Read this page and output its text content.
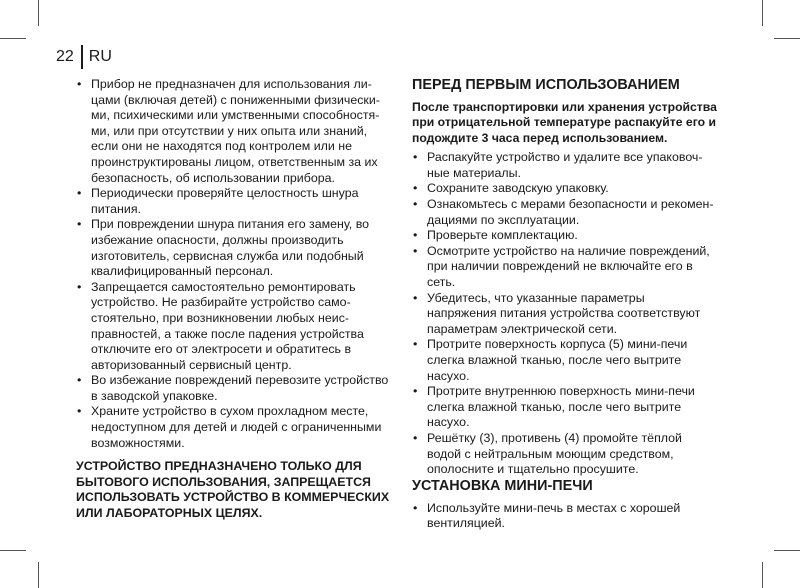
22 RU
• Прибор не предназначен для использования лицами (включая детей) с пониженными физическими, психическими или умственными способностями, или при отсутствии у них опыта или знаний, если они не находятся под контролем или не проинструктированы лицом, ответственным за их безопасность, об использовании прибора.
• Периодически проверяйте целостность шнура питания.
• При повреждении шнура питания его замену, во избежание опасности, должны производить изготовитель, сервисная служба или подобный квалифицированный персонал.
• Запрещается самостоятельно ремонтировать устройство. Не разбирайте устройство самостоятельно, при возникновении любых неисправностей, а также после падения устройства отключите его от электросети и обратитесь в авторизованный сервисный центр.
• Во избежание повреждений перевозите устройство в заводской упаковке.
• Храните устройство в сухом прохладном месте, недоступном для детей и людей с ограниченными возможностями.

УСТРОЙСТВО ПРЕДНАЗНАЧЕНО ТОЛЬКО ДЛЯ БЫТОВОГО ИСПОЛЬЗОВАНИЯ, ЗАПРЕЩАЕТСЯ ИСПОЛЬЗОВАТЬ УСТРОЙСТВО В КОММЕРЧЕСКИХ ИЛИ ЛАБОРАТОРНЫХ ЦЕЛЯХ.

ПЕРЕД ПЕРВЫМ ИСПОЛЬЗОВАНИЕМ

После транспортировки или хранения устройства при отрицательной температуре распакуйте его и подождите 3 часа перед использованием.

• Распакуйте устройство и удалите все упаковочные материалы.
• Сохраните заводскую упаковку.
• Ознакомьтесь с мерами безопасности и рекомендациями по эксплуатации.
• Проверьте комплектацию.
• Осмотрите устройство на наличие повреждений, при наличии повреждений не включайте его в сеть.
• Убедитесь, что указанные параметры напряжения питания устройства соответствуют параметрам электрической сети.
• Протрите поверхность корпуса (5) мини-печи слегка влажной тканью, после чего вытрите насухо.
• Протрите внутреннюю поверхность мини-печи слегка влажной тканью, после чего вытрите насухо.
• Решётку (3), противень (4) промойте тёплой водой с нейтральным моющим средством, ополосните и тщательно просушите.
УСТАНОВКА МИНИ-ПЕЧИ
• Используйте мини-печь в местах с хорошей вентиляцией.
